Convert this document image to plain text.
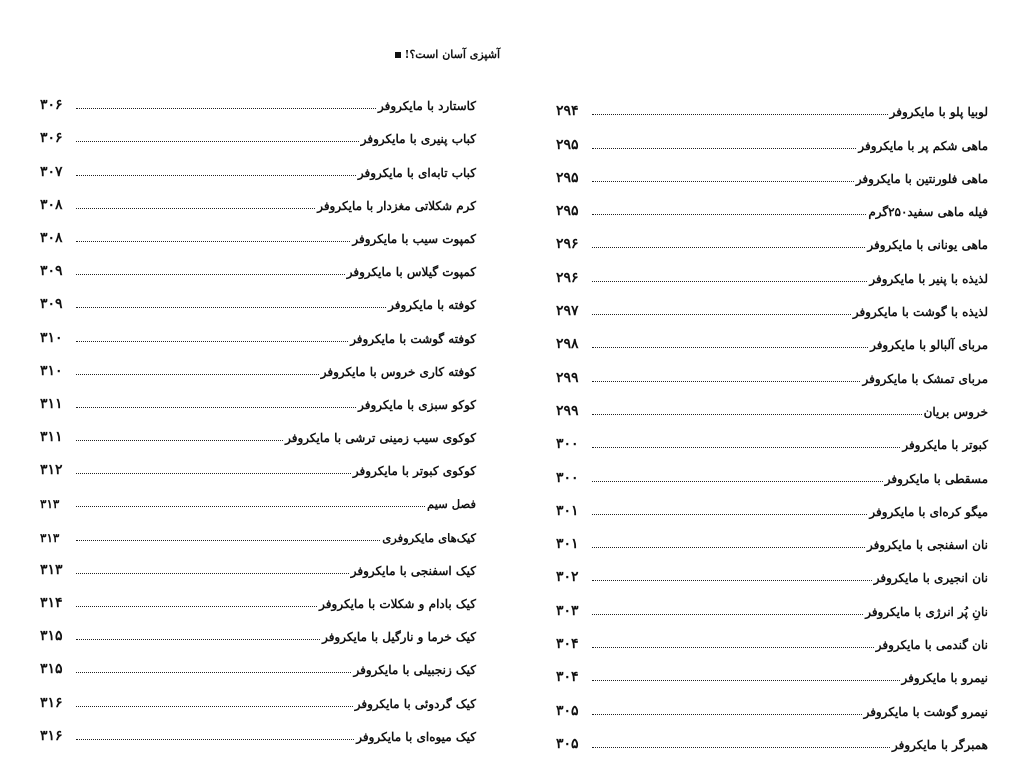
آشپزی آسان است؟!
کاستارد با مایکروفر
۳۰۶
کباب پنیری با مایکروفر
۳۰۶
کباب تابه‌ای با مایکروفر
۳۰۷
کرم شکلاتی مغزدار با مایکروفر
۳۰۸
کمپوت سیب با مایکروفر
۳۰۸
کمپوت گیلاس با مایکروفر
۳۰۹
کوفته با مایکروفر
۳۰۹
کوفته گوشت با مایکروفر
۳۱۰
کوفته کاری خروس با مایکروفر
۳۱۰
کوکو سبزی با مایکروفر
۳۱۱
کوکوی سیب زمینی ترشی با مایکروفر
۳۱۱
کوکوی کبوتر با مایکروفر
۳۱۲
فصل سیم
۳۱۳
کیک‌های مایکروفری
۳۱۳
کیک اسفنجی با مایکروفر
۳۱۳
کیک بادام و شکلات با مایکروفر
۳۱۴
کیک خرما و نارگیل با مایکروفر
۳۱۵
کیک زنجبیلی با مایکروفر
۳۱۵
کیک گردوئی با مایکروفر
۳۱۶
کیک میوه‌ای با مایکروفر
۳۱۶
لوبیا پلو با مایکروفر
۲۹۴
ماهی شکم پر با مایکروفر
۲۹۵
ماهی فلورنتین با مایکروفر
۲۹۵
فیله ماهی سفید۲۵۰گرم
۲۹۵
ماهی یونانی با مایکروفر
۲۹۶
لذیذه با پنیر با مایکروفر
۲۹۶
لذیذه با گوشت با مایکروفر
۲۹۷
مربای آلبالو با مایکروفر
۲۹۸
مربای تمشک با مایکروفر
۲۹۹
خروس بریان
۲۹۹
کبوتر با مایکروفر
۳۰۰
مسقطی با مایکروفر
۳۰۰
میگو کره‌ای با مایکروفر
۳۰۱
نان اسفنجی با مایکروفر
۳۰۱
نان انجیری با مایکروفر
۳۰۲
نانِ پُر انرژی با مایکروفر
۳۰۳
نان گندمی با مایکروفر
۳۰۴
نیمرو با مایکروفر
۳۰۴
نیمرو گوشت با مایکروفر
۳۰۵
همبرگر با مایکروفر
۳۰۵
